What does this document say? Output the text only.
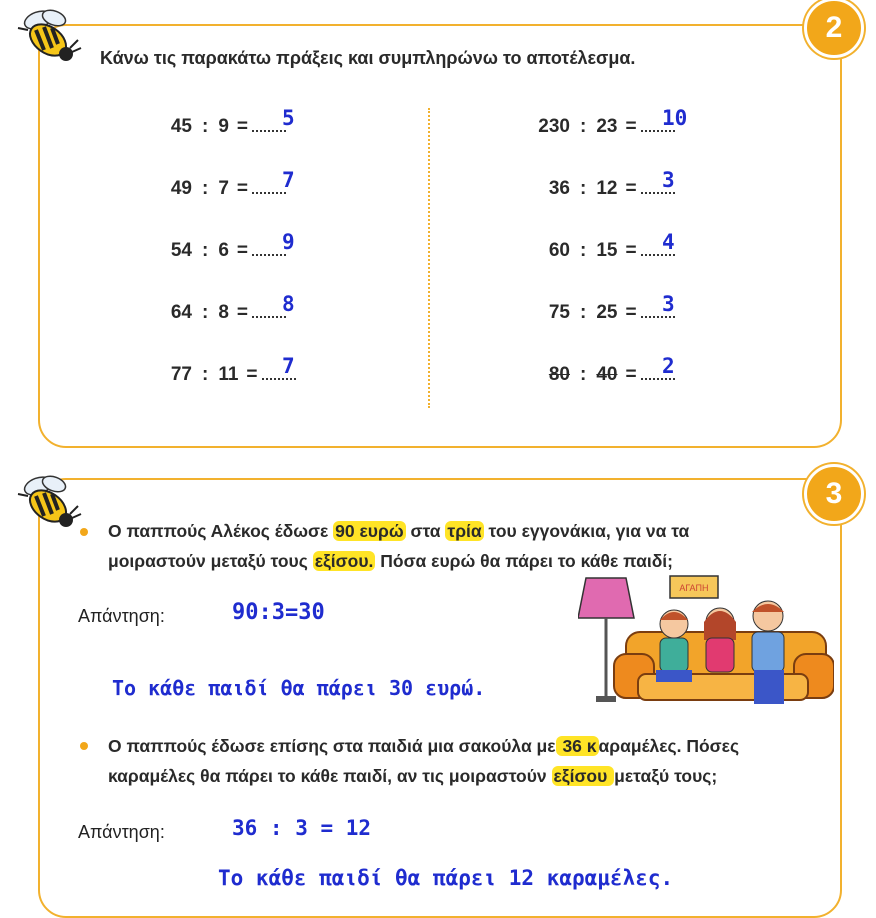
2
Κάνω τις παρακάτω πράξεις και συμπληρώνω το αποτέλεσμα.
45 : 9 =	5
49 : 7 =	7
54 : 6 =	9
64 : 8 =	8
77 : 11 =	7
230 : 23 =	10
36 : 12 =	3
60 : 15 =	4
75 : 25 =	3
80 : 40 =	2
3
Ο παππούς Αλέκος έδωσε 90 ευρώ στα τρία του εγγονάκια, για να τα
μοιραστούν μεταξύ τους εξίσου. Πόσα ευρώ θα πάρει το κάθε παιδί;
Απάντηση:	90:3=30
Το κάθε παιδί θα πάρει 30 ευρώ.
ΑΓΑΠΗ
Ο παππούς έδωσε επίσης στα παιδιά μια σακούλα με 36 κ αραμέλες. Πόσες
καραμέλες θα πάρει το κάθε παιδί, αν τις μοιραστούν εξίσου μεταξύ τους;
Απάντηση:	36 : 3 = 12
Το κάθε παιδί θα πάρει 12 καραμέλες.
